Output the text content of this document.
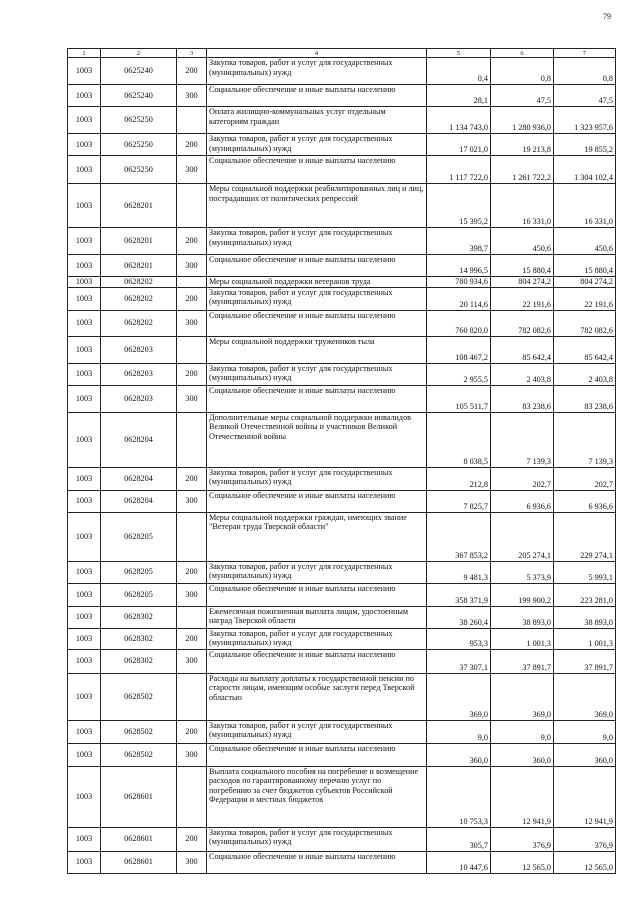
79
1	2	3	4	5	6	7
1003	0625240	200	Закупка товаров, работ и услуг для государственных (муниципальных) нужд	0,4	0,8	0,8
1003	0625240	300	Социальное обеспечение и иные выплаты населению	28,1	47,5	47,5
1003	0625250		Оплата жилищно-коммунальных услуг отдельным категориям граждан	1 134 743,0	1 280 936,0	1 323 957,6
1003	0625250	200	Закупка товаров, работ и услуг для государственных (муниципальных) нужд	17 021,0	19 213,8	19 855,2
1003	0625250	300	Социальное обеспечение и иные выплаты населению	1 117 722,0	1 261 722,2	1 304 102,4
1003	0628201		Меры социальной поддержки реабилитированных лиц и лиц, пострадавших от политических репрессий	15 395,2	16 331,0	16 331,0
1003	0628201	200	Закупка товаров, работ и услуг для государственных (муниципальных) нужд	398,7	450,6	450,6
1003	0628201	300	Социальное обеспечение и иные выплаты населению	14 996,5	15 880,4	15 880,4
1003	0628202		Меры социальной поддержки ветеранов труда	780 934,6	804 274,2	804 274,2
1003	0628202	200	Закупка товаров, работ и услуг для государственных (муниципальных) нужд	20 114,6	22 191,6	22 191,6
1003	0628202	300	Социальное обеспечение и иные выплаты населению	760 820,0	782 082,6	782 082,6
1003	0628203		Меры социальной поддержки тружеников тыла	108 467,2	85 642,4	85 642,4
1003	0628203	200	Закупка товаров, работ и услуг для государственных (муниципальных) нужд	2 955,5	2 403,8	2 403,8
1003	0628203	300	Социальное обеспечение и иные выплаты населению	105 511,7	83 238,6	83 238,6
1003	0628204		Дополнительные меры социальной поддержки инвалидов Великой Отечественной войны и участников Великой Отечественной войны	8 038,5	7 139,3	7 139,3
1003	0628204	200	Закупка товаров, работ и услуг для государственных (муниципальных) нужд	212,8	202,7	202,7
1003	0628204	300	Социальное обеспечение и иные выплаты населению	7 825,7	6 936,6	6 936,6
1003	0628205		Меры социальной поддержки граждан, имеющих звание "Ветеран труда Тверской области"	367 853,2	205 274,1	229 274,1
1003	0628205	200	Закупка товаров, работ и услуг для государственных (муниципальных) нужд	9 481,3	5 373,9	5 993,1
1003	0628205	300	Социальное обеспечение и иные выплаты населению	358 371,9	199 900,2	223 281,0
1003	0628302		Ежемесячная пожизненная выплата лицам, удостоенным наград Тверской области	38 260,4	38 893,0	38 893,0
1003	0628302	200	Закупка товаров, работ и услуг для государственных (муниципальных) нужд	953,3	1 001,3	1 001,3
1003	0628302	300	Социальное обеспечение и иные выплаты населению	37 307,1	37 891,7	37 891,7
1003	0628502		Расходы на выплату доплаты к государственной пенсии по старости лицам, имеющим особые заслуги перед Тверской областью	369,0	369,0	369,0
1003	0628502	200	Закупка товаров, работ и услуг для государственных (муниципальных) нужд	9,0	9,0	9,0
1003	0628502	300	Социальное обеспечение и иные выплаты населению	360,0	360,0	360,0
1003	0628601		Выплата социального пособия на погребение и возмещение расходов по гарантированному перечню услуг по погребению за счет бюджетов субъектов Российской Федерации и местных бюджетов	10 753,3	12 941,9	12 941,9
1003	0628601	200	Закупка товаров, работ и услуг для государственных (муниципальных) нужд	305,7	376,9	376,9
1003	0628601	300	Социальное обеспечение и иные выплаты населению	10 447,6	12 565,0	12 565,0
